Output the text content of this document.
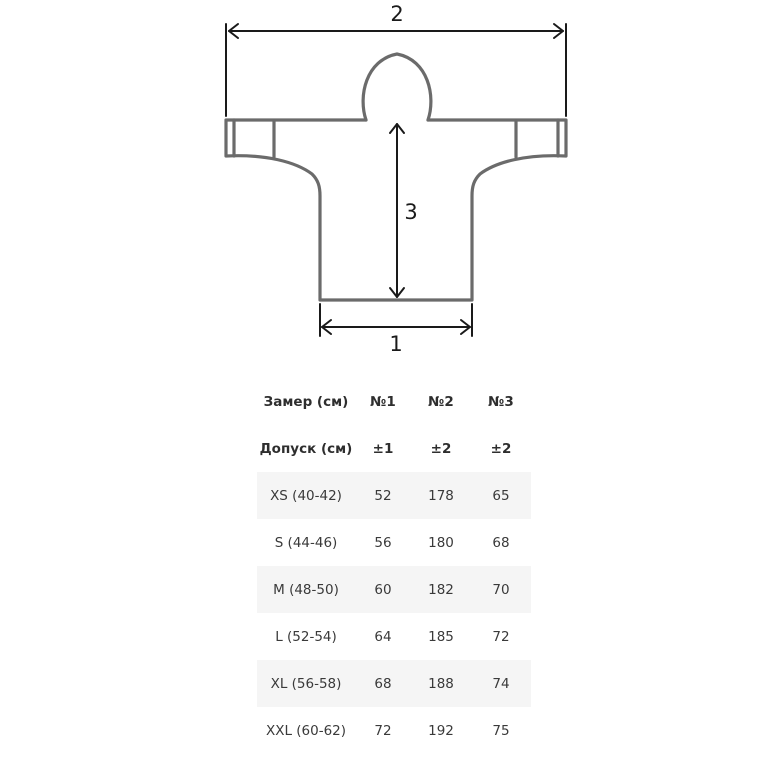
2
3
1
Замер (см)	№1	№2	№3
Допуск (см)	±1	±2	±2
XS (40-42)	52	178	65
S (44-46)	56	180	68
M (48-50)	60	182	70
L (52-54)	64	185	72
XL (56-58)	68	188	74
XXL (60-62)	72	192	75
